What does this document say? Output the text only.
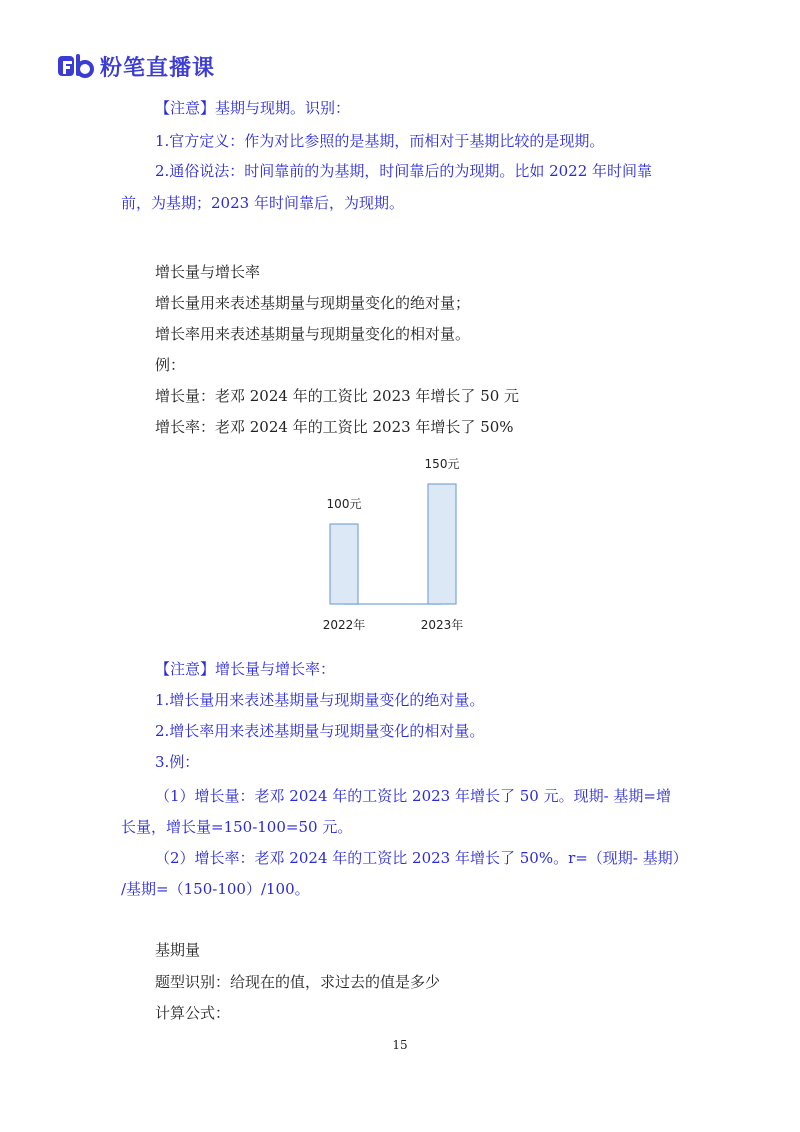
粉笔直播课
【注意】基期与现期。识别：
1.官方定义：作为对比参照的是基期，而相对于基期比较的是现期。
2.通俗说法：时间靠前的为基期，时间靠后的为现期。比如 2022 年时间靠
前，为基期；2023 年时间靠后，为现期。
增长量与增长率
增长量用来表述基期量与现期量变化的绝对量；
增长率用来表述基期量与现期量变化的相对量。
例：
增长量：老邓 2024 年的工资比 2023 年增长了 50 元
增长率：老邓 2024 年的工资比 2023 年增长了 50%
100元
2022年
150元
2023年
【注意】增长量与增长率：
1.增长量用来表述基期量与现期量变化的绝对量。
2.增长率用来表述基期量与现期量变化的相对量。
3.例：
（1）增长量：老邓 2024 年的工资比 2023 年增长了 50 元。现期- 基期=增
长量，增长量=150-100=50 元。
（2）增长率：老邓 2024 年的工资比 2023 年增长了 50%。r=（现期- 基期）
/基期=（150-100）/100。
基期量
题型识别：给现在的值，求过去的值是多少
计算公式：
15
